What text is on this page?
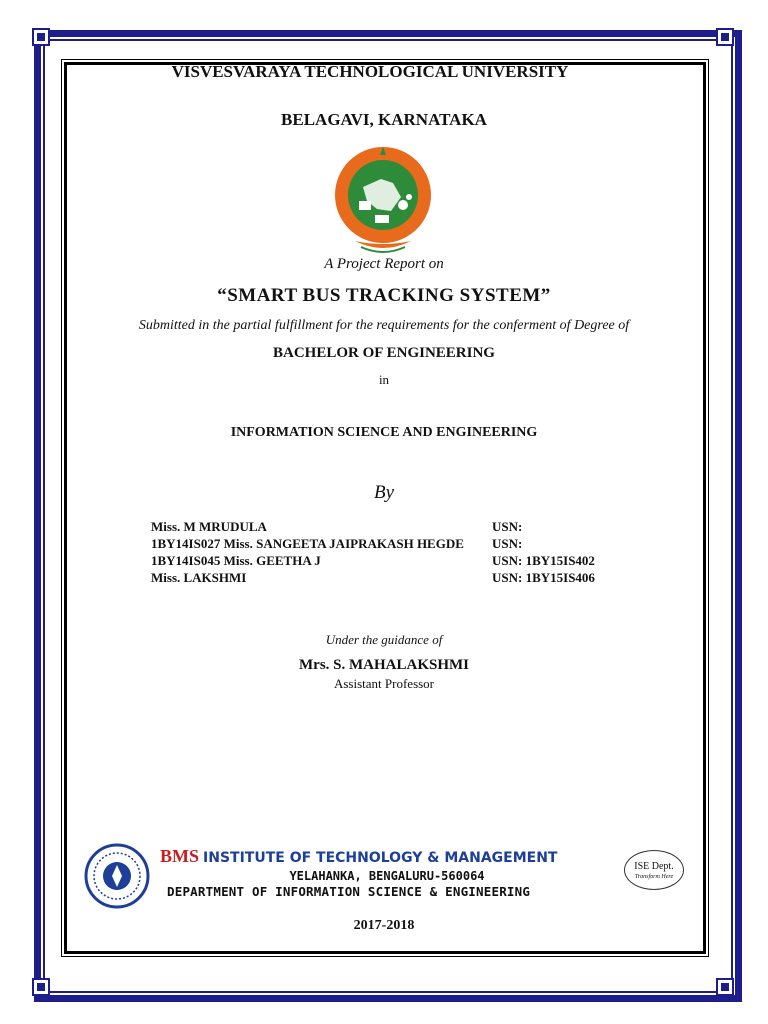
VISVESVARAYA TECHNOLOGICAL UNIVERSITY
BELAGAVI, KARNATAKA
A Project Report on
“SMART BUS TRACKING SYSTEM”
Submitted in the partial fulfillment for the requirements for the conferment of Degree of
BACHELOR OF ENGINEERING
in
INFORMATION SCIENCE AND ENGINEERING
By
Miss. M MRUDULA	USN:
1BY14IS027 Miss. SANGEETA JAIPRAKASH HEGDE USN:
1BY14IS045 Miss. GEETHA J	USN: 1BY15IS402
Miss. LAKSHMI	USN: 1BY15IS406
Under the guidance of
Mrs. S. MAHALAKSHMI
Assistant Professor
BMS INSTITUTE OF TECHNOLOGY & MANAGEMENT
YELAHANKA, BENGALURU-560064
DEPARTMENT OF INFORMATION SCIENCE & ENGINEERING
ISE Dept.
Transform Here
2017-2018
